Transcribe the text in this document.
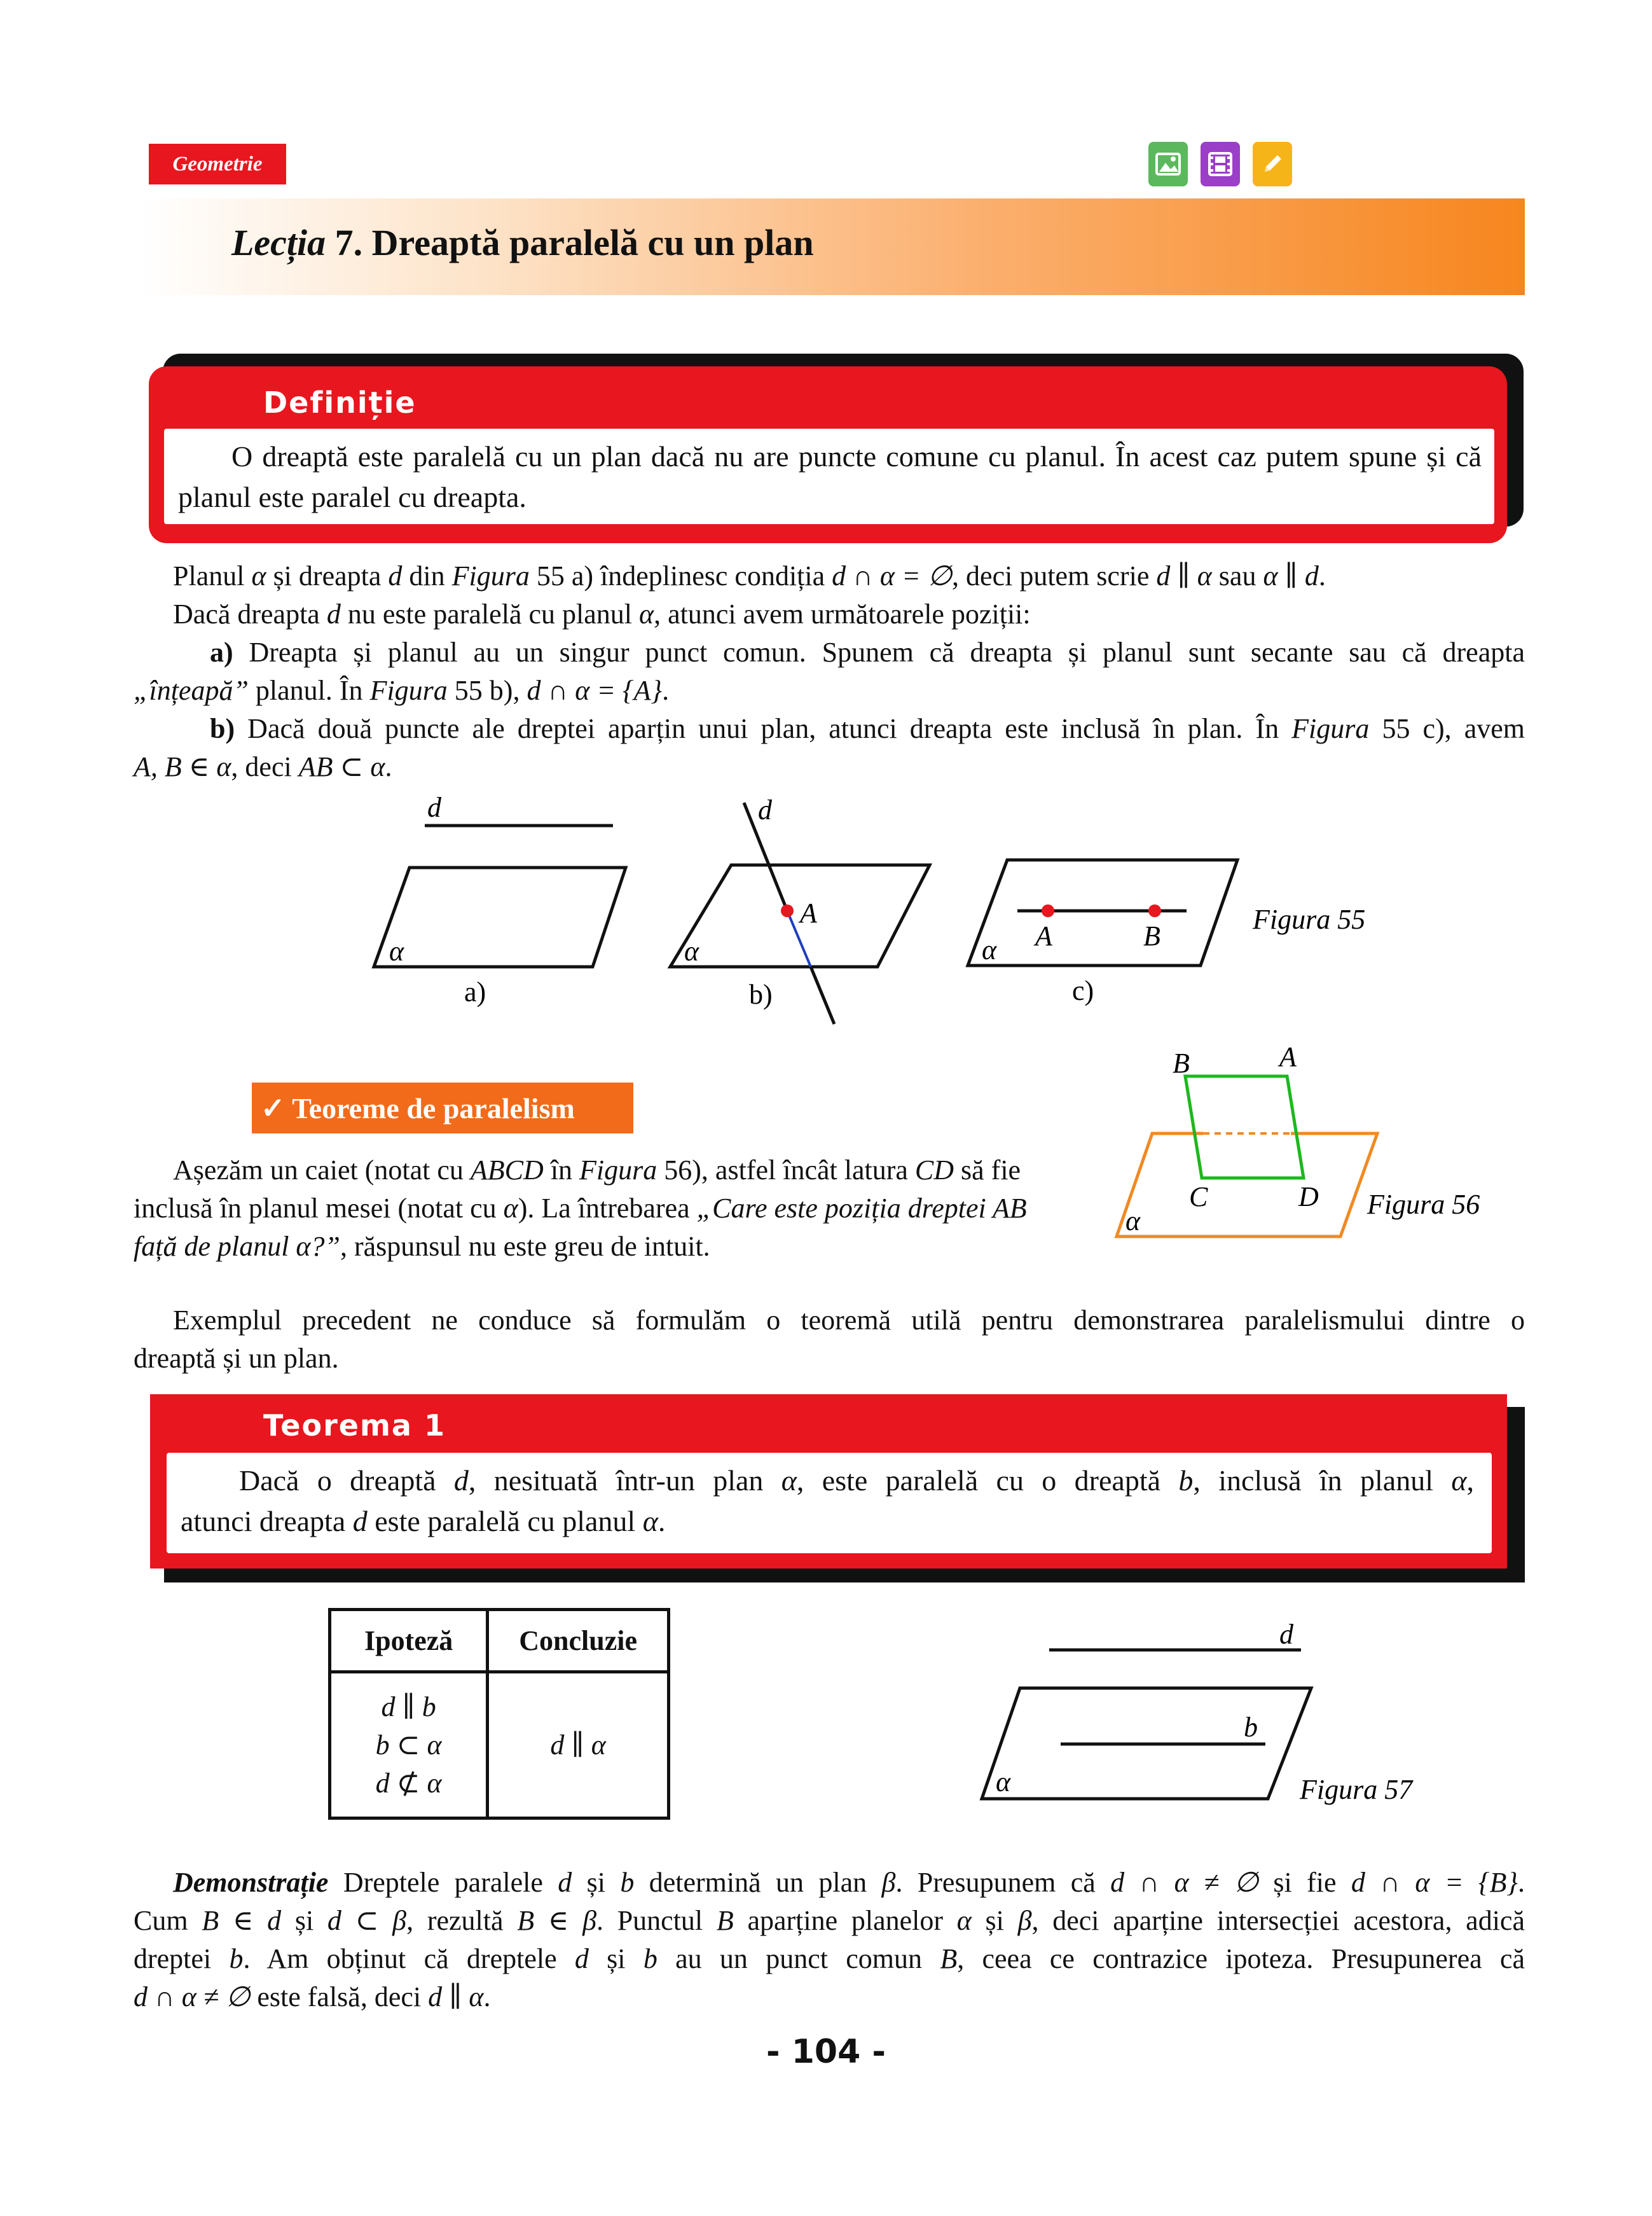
Geometrie
Lecția 7. Dreaptă paralelă cu un plan
Definiție
O dreaptă este paralelă cu un plan dacă nu are puncte comune cu planul. În acest caz putem spune și că planul este paralel cu dreapta.
Planul α și dreapta d din Figura 55 a) îndeplinesc condiția d ∩ α = ∅, deci putem scrie d ∥ α sau α ∥ d.
Dacă dreapta d nu este paralelă cu planul α, atunci avem următoarele poziții:
a) Dreapta și planul au un singur punct comun. Spunem că dreapta și planul sunt secante sau că dreapta
„înțeapă” planul. În Figura 55 b), d ∩ α = {A}.
b) Dacă două puncte ale dreptei aparțin unui plan, atunci dreapta este inclusă în plan. În Figura 55 c), avem
A, B ∈ α, deci AB ⊂ α.
d
α
a)
d
A
α
b)
A	B
α
c)
Figura 55
✓ Teoreme de paralelism
Așezăm un caiet (notat cu ABCD în Figura 56), astfel încât latura CD să fie
inclusă în planul mesei (notat cu α). La întrebarea „Care este poziția dreptei AB
față de planul α?”, răspunsul nu este greu de intuit.
B	A
C	D
α
Figura 56
Exemplul precedent ne conduce să formulăm o teoremă utilă pentru demonstrarea paralelismului dintre o
dreaptă și un plan.
Teorema 1
Dacă o dreaptă d, nesituată într-un plan α, este paralelă cu o dreaptă b, inclusă în planul α,
atunci dreapta d este paralelă cu planul α.
Ipoteză	Concluzie

d ∥ b
b ⊂ α
d ⊄ α	d ∥ α
d
b
α	Figura 57
Demonstrație Dreptele paralele d și b determină un plan β. Presupunem că d ∩ α ≠ ∅ și fie d ∩ α = {B}.
Cum B ∈ d și d ⊂ β, rezultă B ∈ β. Punctul B aparține planelor α și β, deci aparține intersecției acestora, adică
dreptei b. Am obținut că dreptele d și b au un punct comun B, ceea ce contrazice ipoteza. Presupunerea că
d ∩ α ≠ ∅ este falsă, deci d ∥ α.
- 104 -
